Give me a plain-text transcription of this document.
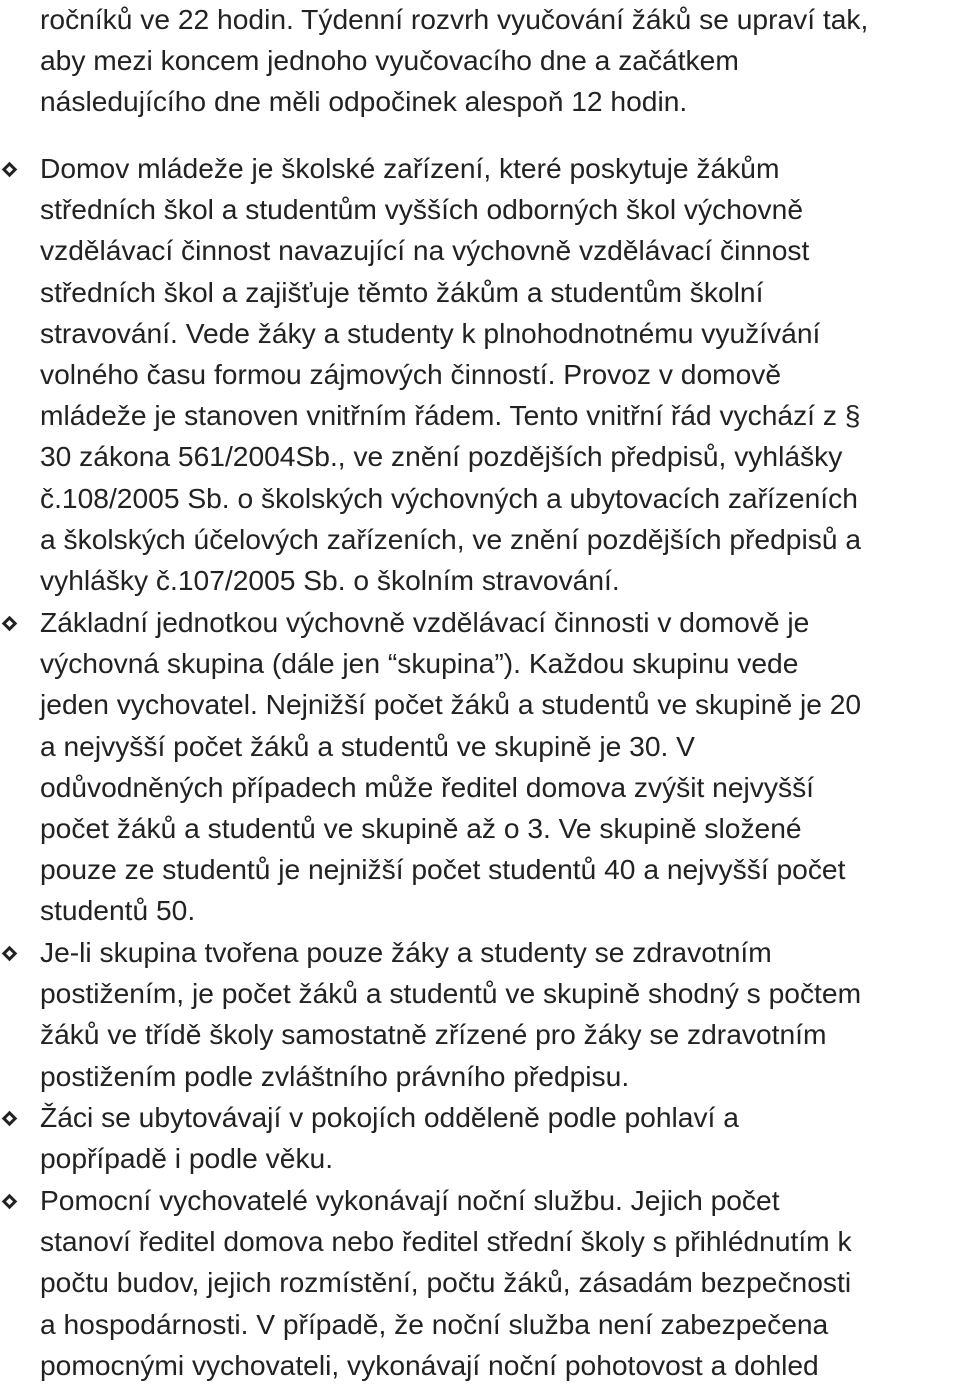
ročníků ve 22 hodin. Týdenní rozvrh vyučování žáků se upraví tak,
aby mezi koncem jednoho vyučovacího dne a začátkem
následujícího dne měli odpočinek alespoň 12 hodin.
Domov mládeže je školské zařízení, které poskytuje žákům
středních škol a studentům vyšších odborných škol výchovně
vzdělávací činnost navazující na výchovně vzdělávací činnost
středních škol a zajišťuje těmto žákům a studentům školní
stravování. Vede žáky a studenty k plnohodnotnému využívání
volného času formou zájmových činností. Provoz v domově
mládeže je stanoven vnitřním řádem. Tento vnitřní řád vychází z §
30 zákona 561/2004Sb., ve znění pozdějších předpisů, vyhlášky
č.108/2005 Sb. o školských výchovných a ubytovacích zařízeních
a školských účelových zařízeních, ve znění pozdějších předpisů a
vyhlášky č.107/2005 Sb. o školním stravování.
Základní jednotkou výchovně vzdělávací činnosti v domově je
výchovná skupina (dále jen “skupina”). Každou skupinu vede
jeden vychovatel. Nejnižší počet žáků a studentů ve skupině je 20
a nejvyšší počet žáků a studentů ve skupině je 30. V
odůvodněných případech může ředitel domova zvýšit nejvyšší
počet žáků a studentů ve skupině až o 3. Ve skupině složené
pouze ze studentů je nejnižší počet studentů 40 a nejvyšší počet
studentů 50.
Je-li skupina tvořena pouze žáky a studenty se zdravotním
postižením, je počet žáků a studentů ve skupině shodný s počtem
žáků ve třídě školy samostatně zřízené pro žáky se zdravotním
postižením podle zvláštního právního předpisu.
Žáci se ubytovávají v pokojích odděleně podle pohlaví a
popřípadě i podle věku.
Pomocní vychovatelé vykonávají noční službu. Jejich počet
stanoví ředitel domova nebo ředitel střední školy s přihlédnutím k
počtu budov, jejich rozmístění, počtu žáků, zásadám bezpečnosti
a hospodárnosti. V případě, že noční služba není zabezpečena
pomocnými vychovateli, vykonávají noční pohotovost a dohled
